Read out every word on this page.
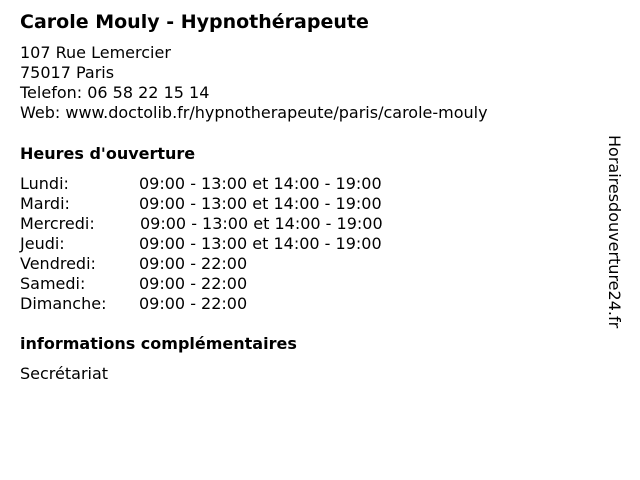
Carole Mouly - Hypnothérapeute
107 Rue Lemercier
75017 Paris
Telefon: 06 58 22 15 14
Web: www.doctolib.fr/hypnotherapeute/paris/carole-mouly
Heures d'ouverture
Lundi:	09:00 - 13:00 et 14:00 - 19:00
Mardi:	09:00 - 13:00 et 14:00 - 19:00
Mercredi:	09:00 - 13:00 et 14:00 - 19:00
Jeudi:	09:00 - 13:00 et 14:00 - 19:00
Vendredi:	09:00 - 22:00
Samedi:	09:00 - 22:00
Dimanche: 09:00 - 22:00
informations complémentaires
Secrétariat
Horairesdouverture24.fr
